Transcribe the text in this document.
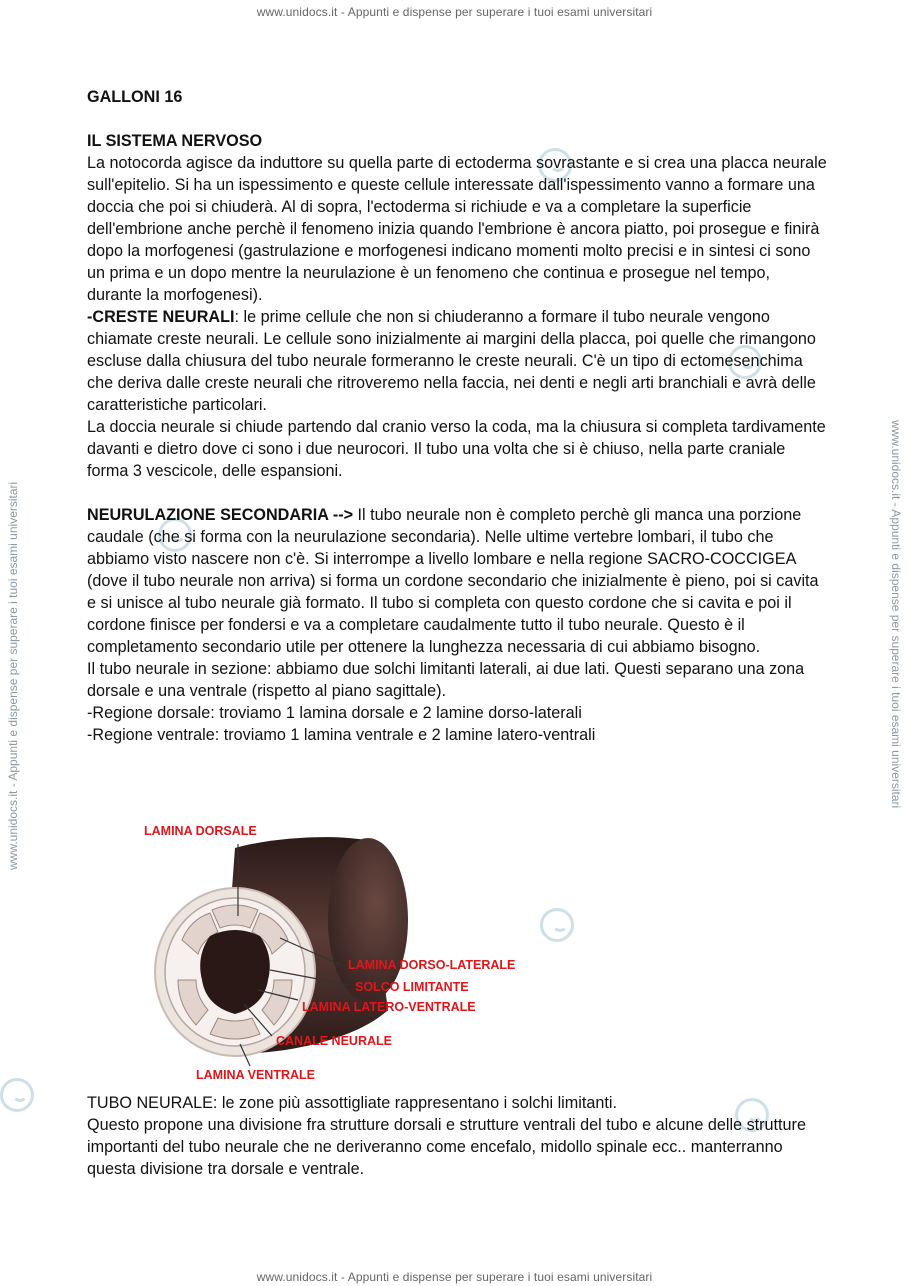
www.unidocs.it - Appunti e dispense per superare i tuoi esami universitari
www.unidocs.it - Appunti e dispense per superare i tuoi esami universitari
www.unidocs.it - Appunti e dispense per superare i tuoi esami universitari	www.unidocs.it - Appunti e dispense per superare i tuoi esami universitari

GALLONI 16

IL SISTEMA NERVOSO

La notocorda agisce da induttore su quella parte di ectoderma sovrastante e si crea una placca neurale sull'epitelio. Si ha un ispessimento e queste cellule interessate dall'ispessimento vanno a formare una doccia che poi si chiuderà. Al di sopra, l'ectoderma si richiude e va a completare la superficie dell'embrione anche perchè il fenomeno inizia quando l'embrione è ancora piatto, poi prosegue e finirà dopo la morfogenesi (gastrulazione e morfogenesi indicano momenti molto precisi e in sintesi ci sono un prima e un dopo mentre la neurulazione è un fenomeno che continua e prosegue nel tempo, durante la morfogenesi).

-CRESTE NEURALI: le prime cellule che non si chiuderanno a formare il tubo neurale vengono chiamate creste neurali. Le cellule sono inizialmente ai margini della placca, poi quelle che rimangono escluse dalla chiusura del tubo neurale formeranno le creste neurali. C'è un tipo di ectomesenchima che deriva dalle creste neurali che ritroveremo nella faccia, nei denti e negli arti branchiali e avrà delle caratteristiche particolari.

La doccia neurale si chiude partendo dal cranio verso la coda, ma la chiusura si completa tardivamente davanti e dietro dove ci sono i due neurocori. Il tubo una volta che si è chiuso, nella parte craniale forma 3 vescicole, delle espansioni.

NEURULAZIONE SECONDARIA --> Il tubo neurale non è completo perchè gli manca una porzione caudale (che si forma con la neurulazione secondaria). Nelle ultime vertebre lombari, il tubo che abbiamo visto nascere non c'è. Si interrompe a livello lombare e nella regione SACRO-COCCIGEA (dove il tubo neurale non arriva) si forma un cordone secondario che inizialmente è pieno, poi si cavita e si unisce al tubo neurale già formato. Il tubo si completa con questo cordone che si cavita e poi il cordone finisce per fondersi e va a completare caudalmente tutto il tubo neurale. Questo è il completamento secondario utile per ottenere la lunghezza necessaria di cui abbiamo bisogno.

Il tubo neurale in sezione: abbiamo due solchi limitanti laterali, ai due lati. Questi separano una zona dorsale e una ventrale (rispetto al piano sagittale).

-Regione dorsale: troviamo 1 lamina dorsale e 2 lamine dorso-laterali

-Regione ventrale: troviamo 1 lamina ventrale e 2 lamine latero-ventrali

LAMINA DORSALE
LAMINA DORSO-LATERALE
SOLCO LIMITANTE
LAMINA LATERO-VENTRALE
CANALE NEURALE
LAMINA VENTRALE

TUBO NEURALE: le zone più assottigliate rappresentano i solchi limitanti.

Questo propone una divisione fra strutture dorsali e strutture ventrali del tubo e alcune delle strutture importanti del tubo neurale che ne deriveranno come encefalo, midollo spinale ecc.. manterranno questa divisione tra dorsale e ventrale.
